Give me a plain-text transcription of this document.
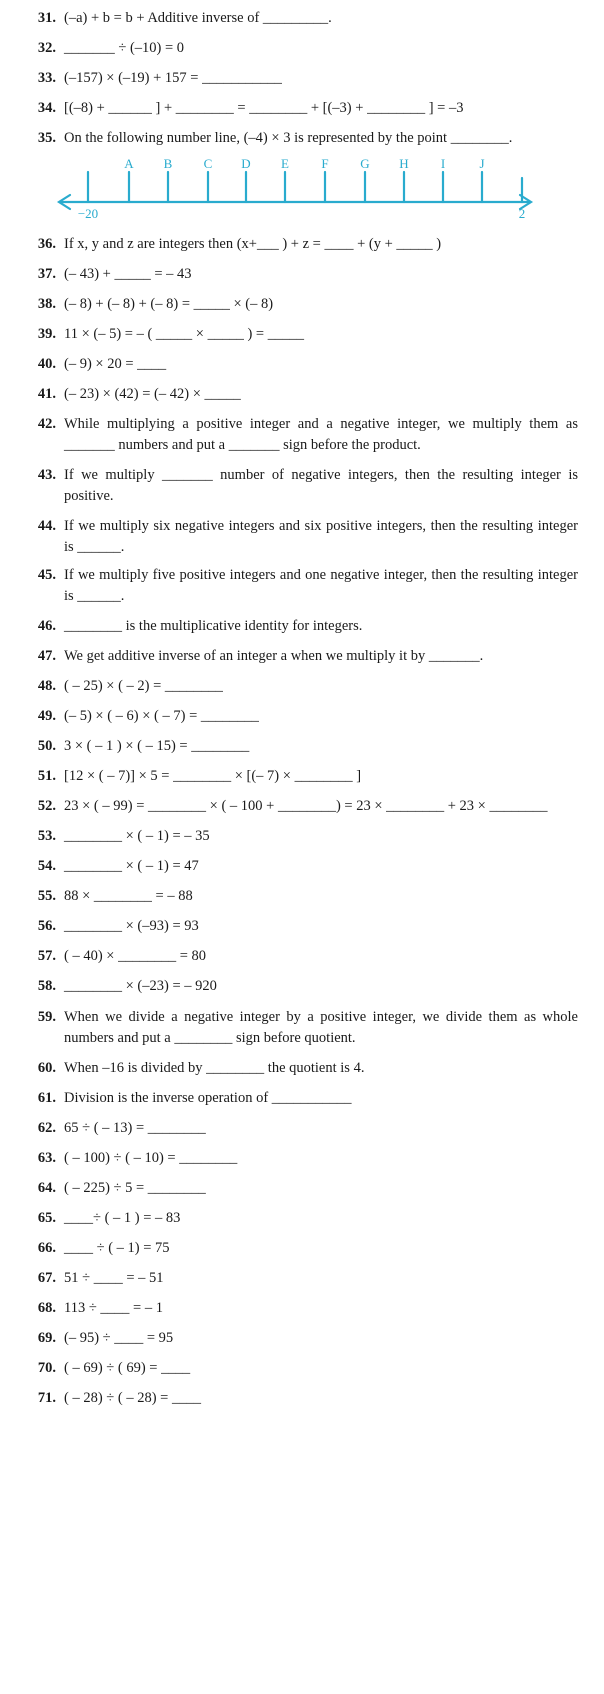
31. (–a) + b = b + Additive inverse of _________.
32. _______ ÷ (–10) = 0
33. (–157) × (–19) + 157 = ___________
34. [(–8) + ______ ] + ________ = ________ + [(–3) + ________ ] = –3
35. On the following number line, (–4) × 3 is represented by the point ________.
A B C D E F G H I	J
−20	2
36. If x, y and z are integers then (x+___ ) + z = ____ + (y + _____ )
37. (– 43) + _____ = – 43
38. (– 8) + (– 8) + (– 8) = _____ × (– 8)
39. 11 × (– 5) = – ( _____ × _____ ) = _____
40. (– 9) × 20 = ____
41. (– 23) × (42) = (– 42) × _____
42. While multiplying a positive integer and a negative integer, we multiply them as _______ numbers and put a _______ sign before the product.
43. If we multiply _______ number of negative integers, then the resulting integer is positive.
44. If we multiply six negative integers and six positive integers, then the resulting integer is ______.
45. If we multiply five positive integers and one negative integer, then the resulting integer is ______.
46. ________ is the multiplicative identity for integers.
47. We get additive inverse of an integer a when we multiply it by _______.
48. ( – 25) × ( – 2) = ________
49. (– 5) × ( – 6) × ( – 7) = ________
50. 3 × ( – 1 ) × ( – 15) = ________
51. [12 × ( – 7)] × 5 = ________ × [(– 7) × ________ ]
52. 23 × ( – 99) = ________ × ( – 100 + ________) = 23 × ________ + 23 × ________
53. ________ × ( – 1) = – 35
54. ________ × ( – 1) = 47
55. 88 × ________ = – 88
56. ________ × (–93) = 93
57. ( – 40) × ________ = 80
58. ________ × (–23) = – 920
59. When we divide a negative integer by a positive integer, we divide them as whole numbers and put a ________ sign before quotient.
60. When –16 is divided by ________ the quotient is 4.
61. Division is the inverse operation of ___________
62. 65 ÷ ( – 13) = ________
63. ( – 100) ÷ ( – 10) = ________
64. ( – 225) ÷ 5 = ________
65. ____÷ ( – 1 ) = – 83
66. ____ ÷ ( – 1) = 75
67. 51 ÷ ____ = – 51
68. 113 ÷ ____ = – 1
69. (– 95) ÷ ____ = 95
70. ( – 69) ÷ ( 69) = ____
71. ( – 28) ÷ ( – 28) = ____
